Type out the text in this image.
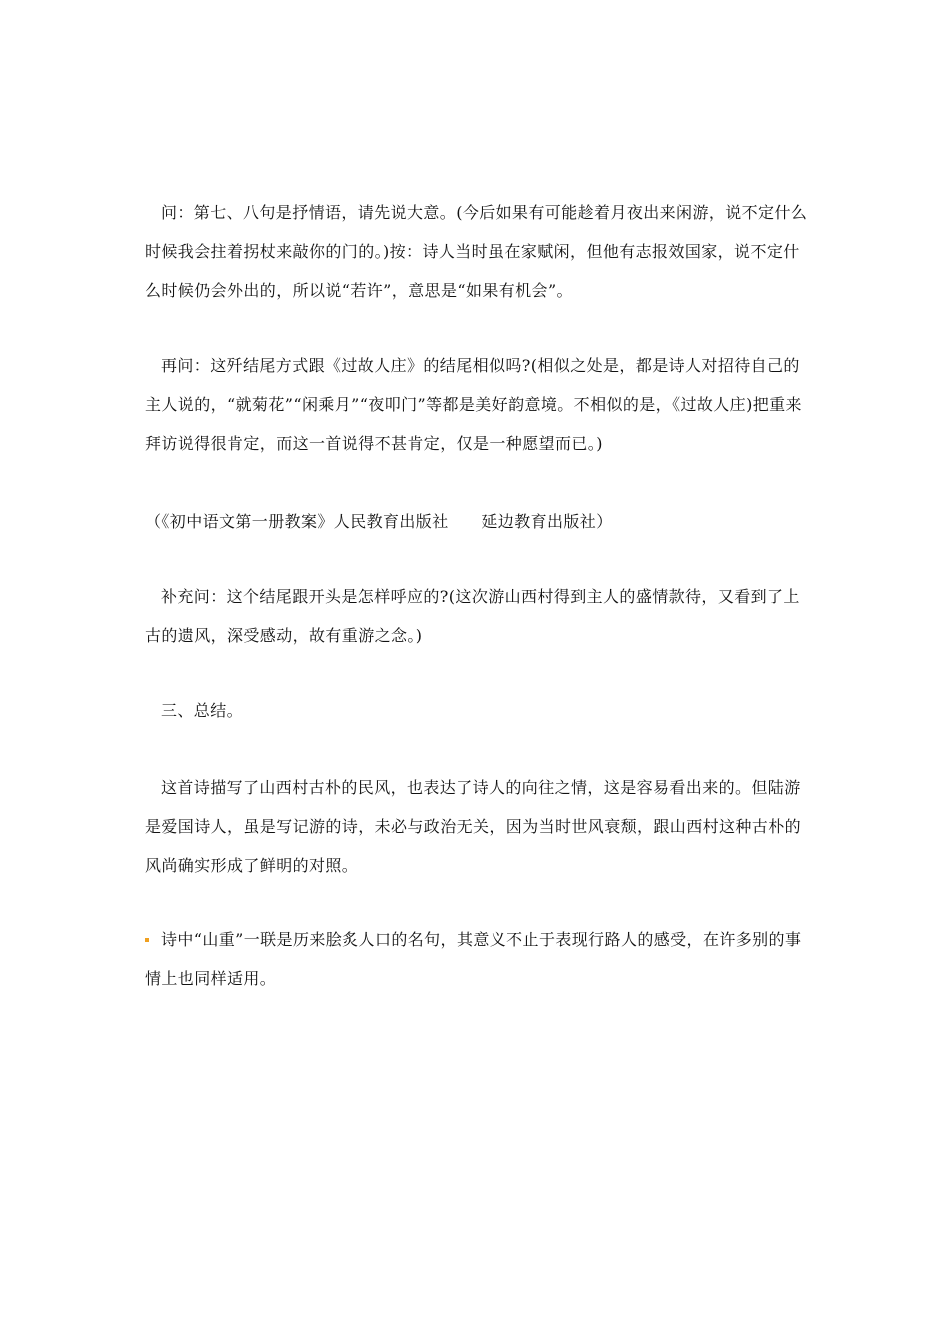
问：第七、八句是抒情语，请先说大意。(今后如果有可能趁着月夜出来闲游，说不定什么时候我会拄着拐杖来敲你的门的。)按：诗人当时虽在家赋闲，但他有志报效国家，说不定什么时候仍会外出的，所以说“若许”，意思是“如果有机会”。

再问：这歼结尾方式跟《过故人庄》的结尾相似吗?(相似之处是，都是诗人对招待自己的主人说的，“就菊花”“闲乘月”“夜叩门”等都是美好韵意境。不相似的是，《过故人庄)把重来拜访说得很肯定，而这一首说得不甚肯定，仅是一种愿望而已。)

（《初中语文第一册教案》人民教育出版社　　延边教育出版社）

补充问：这个结尾跟开头是怎样呼应的?(这次游山西村得到主人的盛情款待，又看到了上古的遗风，深受感动，故有重游之念。)

三、总结。

这首诗描写了山西村古朴的民风，也表达了诗人的向往之情，这是容易看出来的。但陆游是爱国诗人，虽是写记游的诗，未必与政治无关，因为当时世风衰颓，跟山西村这种古朴的风尚确实形成了鲜明的对照。

诗中“山重”一联是历来脍炙人口的名句，其意义不止于表现行路人的感受，在许多别的事情上也同样适用。
